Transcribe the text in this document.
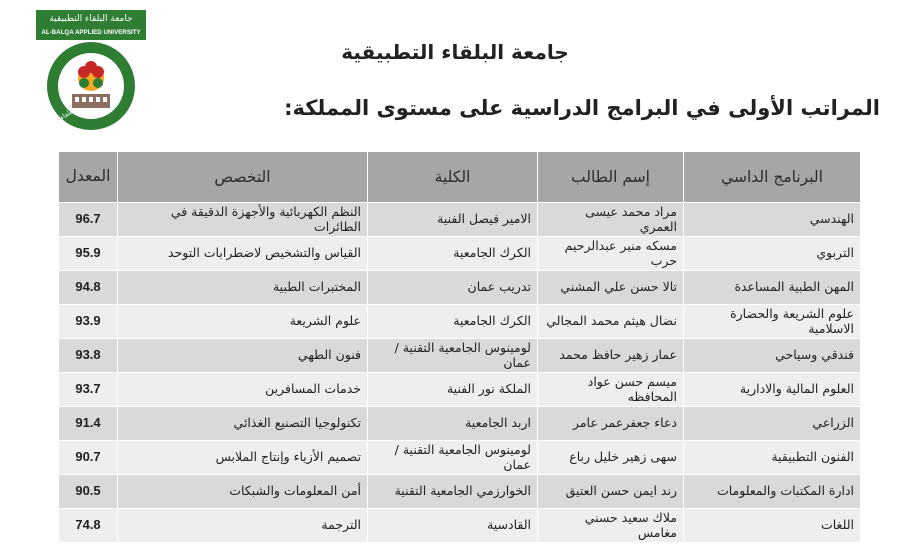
جامعة البلقاء التطبيقية
AL-BALQA APPLIED UNIVERSITY
من عين البلقاء
جامعة البلقاء التطبيقية
المراتب الأولى في البرامج الدراسية على مستوى المملكة:
البرنامج الداسي	إسم الطالب	الكلية	التخصص	المعدل
الهندسي	مراد محمد عيسى العمري	الامير فيصل الفنية	النظم الكهربائية والأجهزة الدقيقة في الطائرات	96.7
التربوي	مسكه منير عبدالرحيم حرب	الكرك الجامعية	القياس والتشخيص لاضطرابات التوحد	95.9
المهن الطبية المساعدة	تالا حسن علي المشني	تدريب عمان	المختبرات الطبية	94.8
علوم الشريعة والحضارة الاسلامية	نضال هيثم محمد المجالي	الكرك الجامعية	علوم الشريعة	93.9
فندقي وسياحي	عمار زهير حافظ محمد	لومينوس الجامعية التقنية / عمان	فنون الطهي	93.8
العلوم المالية والادارية	ميسم حسن عواد المحافظه	الملكة نور الفنية	خدمات المسافرين	93.7
الزراعي	دعاء جعفرعمر عامر	اربد الجامعية	تكنولوجيا التصنيع الغذائي	91.4
الفنون التطبيقية	سهى زهير خليل رباع	لومينوس الجامعية التقنية / عمان	تصميم الأزياء وإنتاج الملابس	90.7
ادارة المكتبات والمعلومات	رند ايمن حسن العتيق	الخوارزمي الجامعية التقنية	أمن المعلومات والشبكات	90.5
اللغات	ملاك سعيد حسني مغامس	القادسية	الترجمة	74.8
